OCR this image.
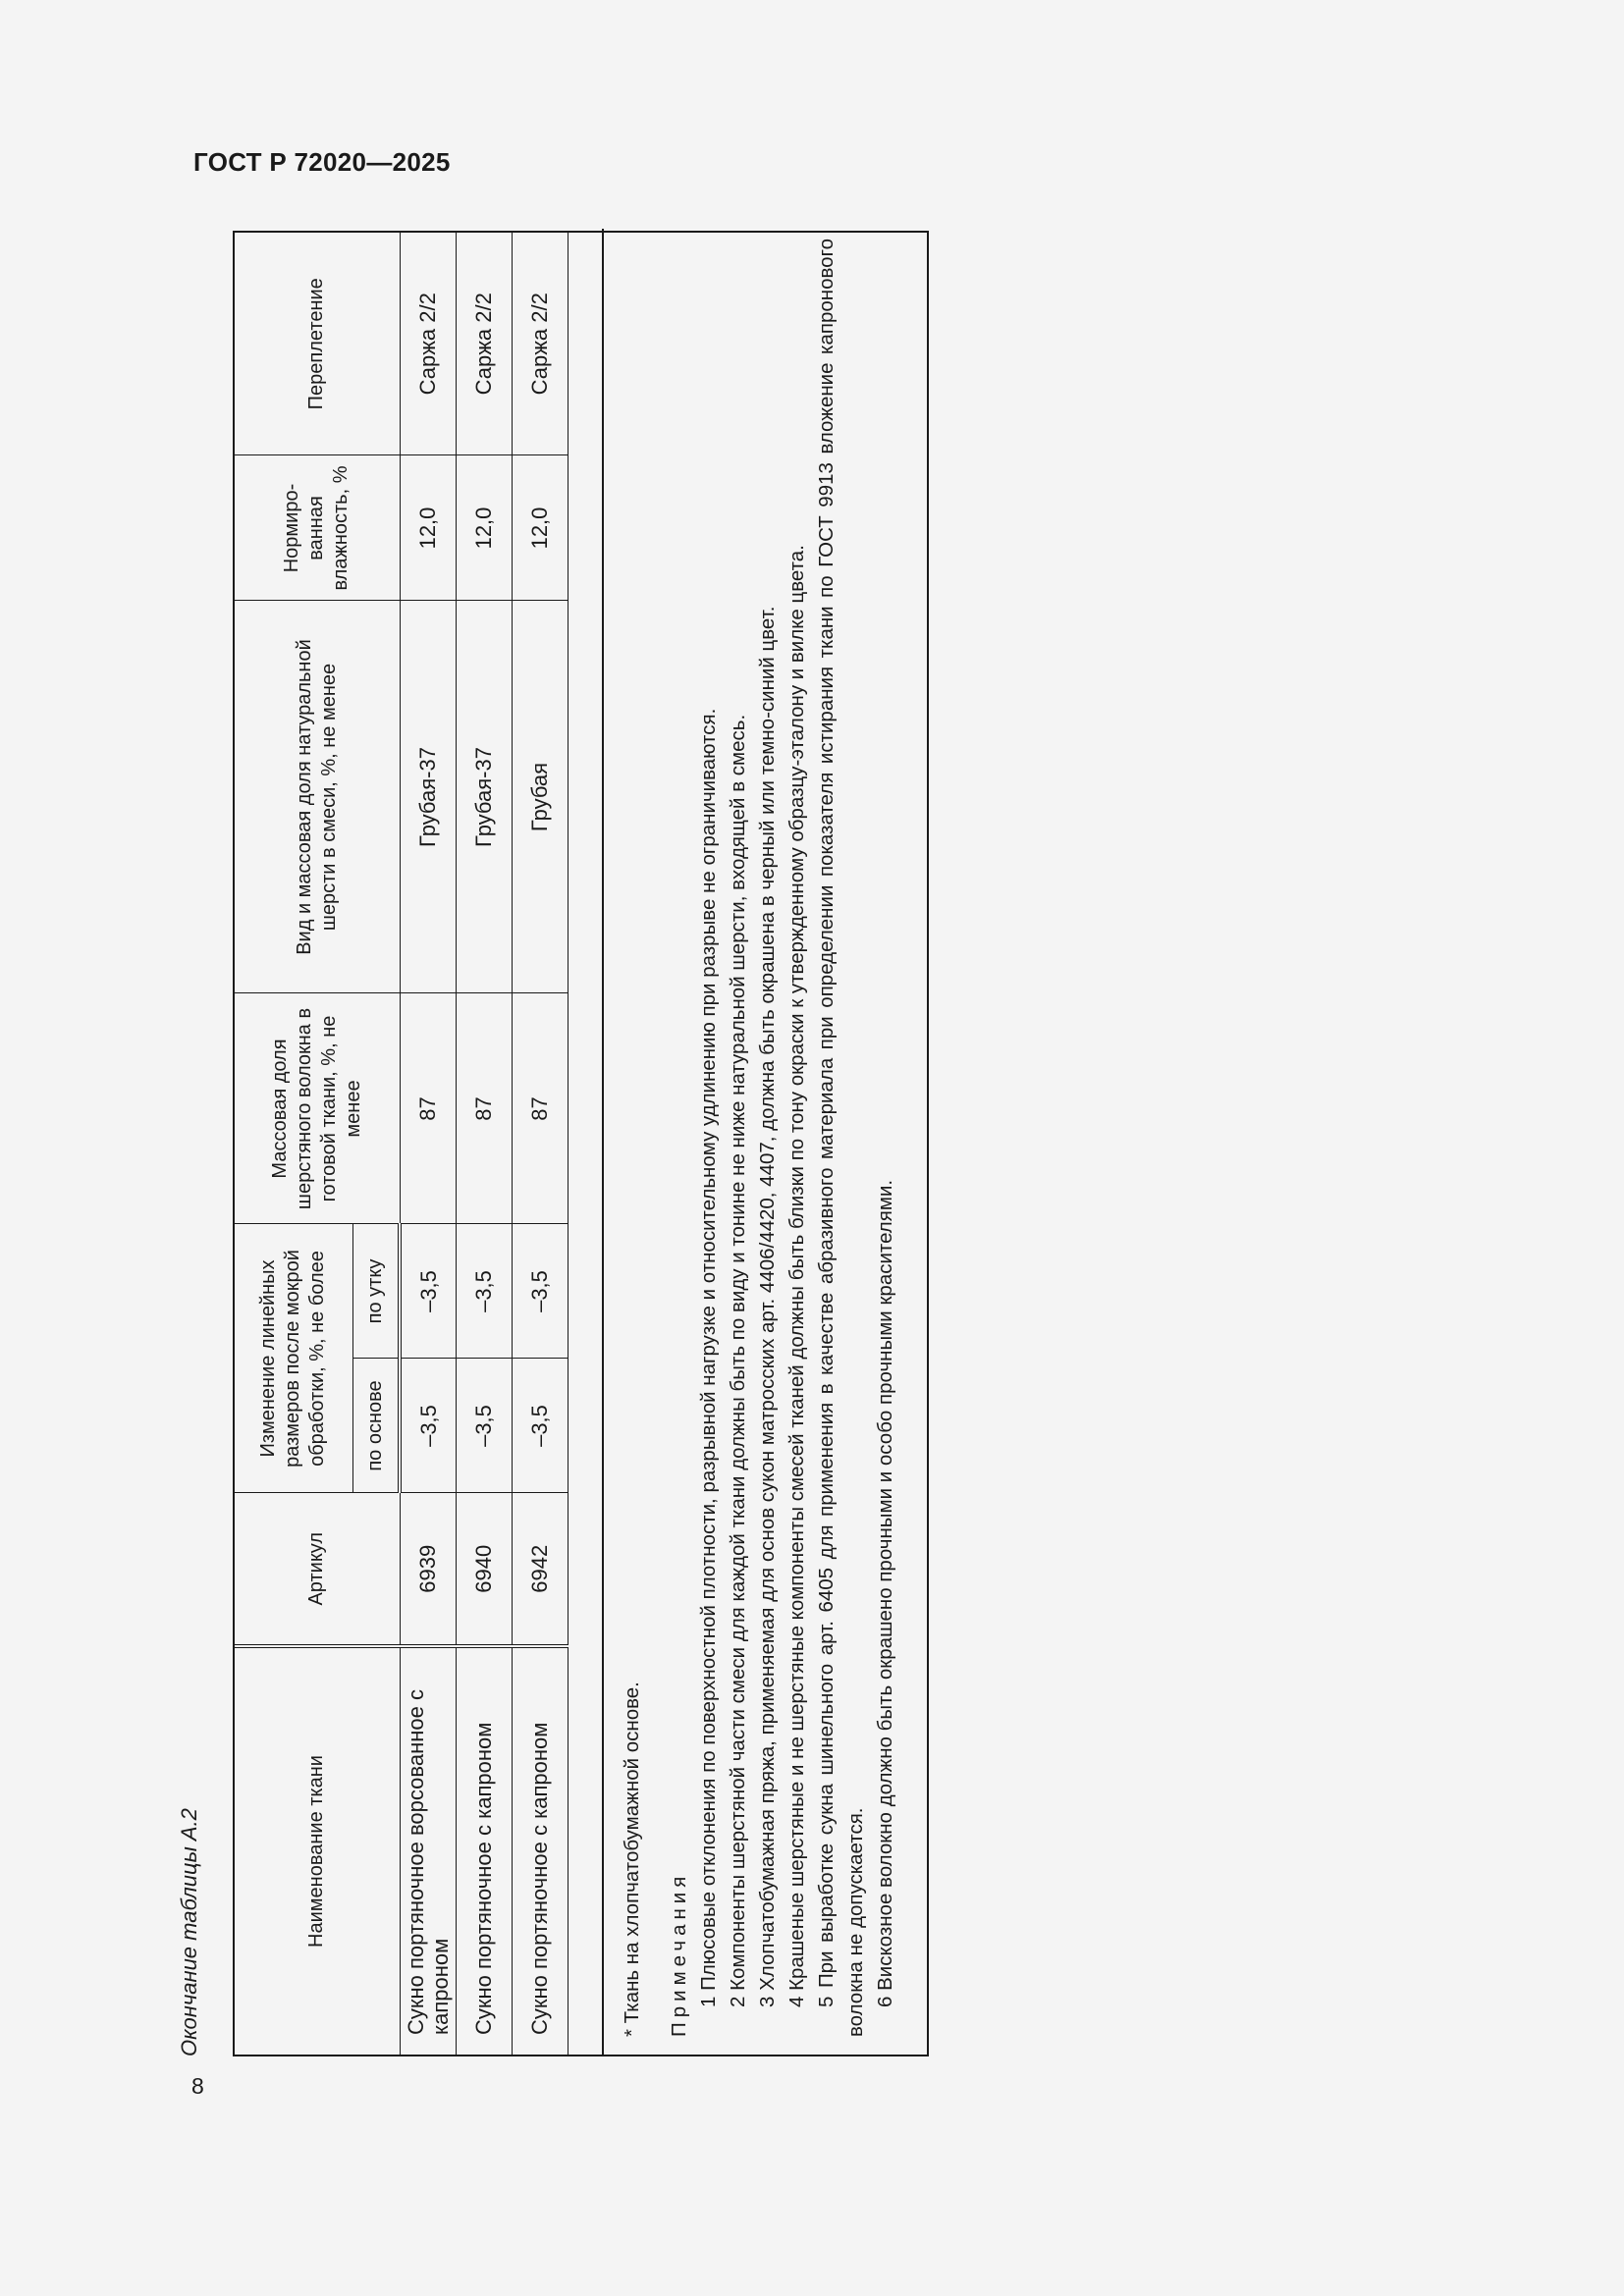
ГОСТ Р 72020—2025
Окончание таблицы А.2	Наименование ткани	Артикул	Изменение линейных размеров после мокрой обработки, %, не более		Массовая доля шерстяного волокна в готовой ткани, %, не менее	Вид и массовая доля натуральной шерсти в смеси, %, не менее	Нормиро-ванная влажность, %	Переплетение
		по основе	по утку				
Сукно портяночное ворсованное с капроном	6939	–3,5	–3,5	87	Грубая-37	12,0	Саржа 2/2
Сукно портяночное с капроном	6940	–3,5	–3,5	87	Грубая-37	12,0	Саржа 2/2
Сукно портяночное с капроном	6942	–3,5	–3,5	87	Грубая	12,0	Саржа 2/2
* Ткань на хлопчатобумажной основе. Примечания 1 Плюсовые отклонения по поверхностной плотности, разрывной нагрузке и относительному удлинению при разрыве не ограничиваются. 2 Компоненты шерстяной части смеси для каждой ткани должны быть по виду и тонине не ниже натуральной шерсти, входящей в смесь. 3 Хлопчатобумажная пряжа, применяемая для основ сукон матросских арт. 4406/4420, 4407, должна быть окрашена в черный или темно-синий цвет. 4 Крашеные шерстяные и не шерстяные компоненты смесей тканей должны быть близки по тону окраски к утвержденному образцу-эталону и вилке цвета. 5 При выработке сукна шинельного арт. 6405 для применения в качестве абразивного материала при определении показателя истирания ткани по ГОСТ 9913 вложение капронового волокна не допускается. 6 Вискозное волокно должно быть окрашено прочными и особо прочными красителями.
8
